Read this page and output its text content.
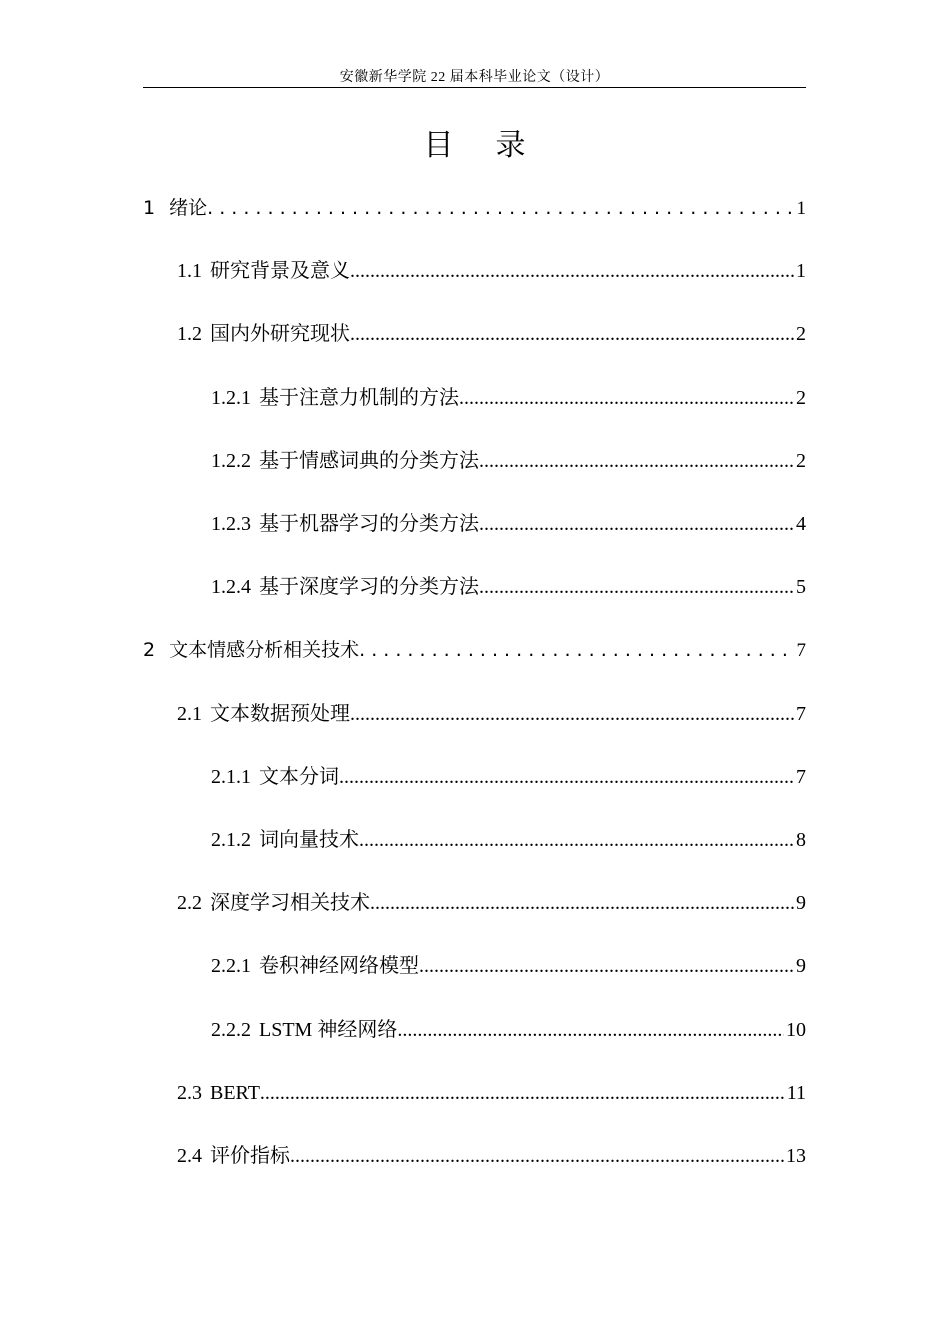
安徽新华学院 22 届本科毕业论文（设计）
目录
1 绪论 . . .	1
1.1 研究背景及意义 .....	1
1.2 国内外研究现状 .....	2
1.2.1 基于注意力机制的方法 .....	2
1.2.2 基于情感词典的分类方法 .....	2
1.2.3 基于机器学习的分类方法 .....	4
1.2.4 基于深度学习的分类方法 .....	5
2 文本情感分析相关技术 . . .	7
2.1 文本数据预处理 .....	7
2.1.1 文本分词 .....	7
2.1.2 词向量技术 .....	8
2.2 深度学习相关技术 .....	9
2.2.1 卷积神经网络模型 .....	9
2.2.2 LSTM 神经网络 .....	10
2.3 BERT .....	11
2.4 评价指标 .....	13
